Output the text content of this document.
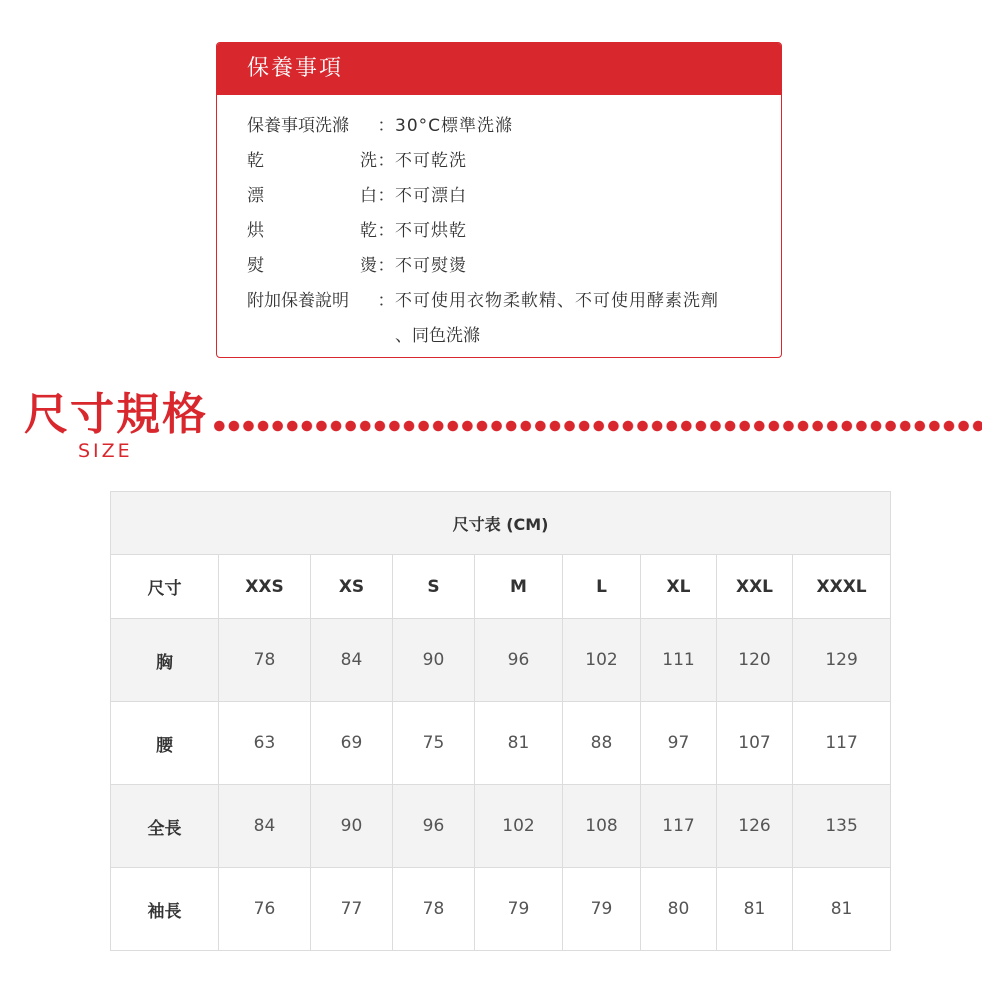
保養事項
保養事項洗滌 ： 30°C標準洗滌
乾	洗 ： 不可乾洗
漂	白 ： 不可漂白
烘	乾 ： 不可烘乾
熨	燙 ： 不可熨燙
附加保養說明 ： 不可使用衣物柔軟精、不可使用酵素洗劑
、同色洗滌
尺寸規格
SIZE
尺寸表 (CM)								
尺寸	XXS	XS	S	M	L	XL	XXL	XXXL
胸	78	84	90	96	102	111	120	129
腰	63	69	75	81	88	97	107	117
全長	84	90	96	102	108	117	126	135
袖長	76	77	78	79	79	80	81	81
